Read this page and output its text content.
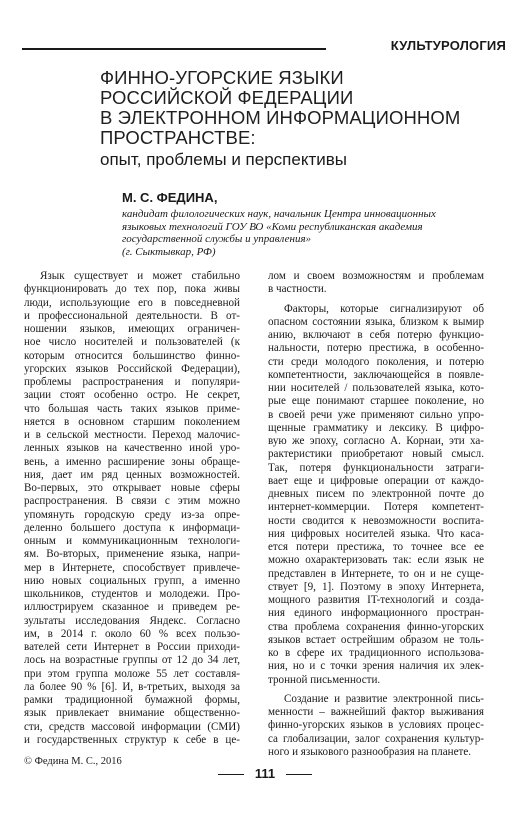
КУЛЬТУРОЛОГИЯ
ФИННО-УГОРСКИЕ ЯЗЫКИ
РОССИЙСКОЙ ФЕДЕРАЦИИ
В ЭЛЕКТРОННОМ ИНФОРМАЦИОННОМ
ПРОСТРАНСТВЕ:
опыт, проблемы и перспективы
М. С. ФЕДИНА,
кандидат филологических наук, начальник Центра инновационных
языковых технологий ГОУ ВО «Коми республиканская академия
государственной службы и управления»
(г. Сыктывкар, РФ)
Язык существует и может стабильно
функционировать до тех пор, пока живы
люди, использующие его в повседневной
и профессиональной деятельности. В от-
ношении языков, имеющих ограничен-
ное число носителей и пользователей (к
которым относится большинство финно-
угорских языков Российской Федерации),
проблемы распространения и популяри-
зации стоят особенно остро. Не секрет,
что большая часть таких языков приме-
няется в основном старшим поколением
и в сельской местности. Переход малочис-
ленных языков на качественно иной уро-
вень, а именно расширение зоны обраще-
ния, дает им ряд ценных возможностей.
Во-первых, это открывает новые сферы
распространения. В связи с этим можно
упомянуть городскую среду из-за опре-
деленно большего доступа к информаци-
онным и коммуникационным технологи-
ям. Во-вторых, применение языка, напри-
мер в Интернете, способствует привлече-
нию новых социальных групп, а именно
школьников, студентов и молодежи. Про-
иллюстрируем сказанное и приведем ре-
зультаты исследования Яндекс. Согласно
им, в 2014 г. около 60 % всех пользо-
вателей сети Интернет в России приходи-
лось на возрастные группы от 12 до 34 лет,
при этом группа моложе 55 лет составля-
ла более 90 % [6]. И, в-третьих, выходя за
рамки традиционной бумажной формы,
язык привлекает внимание общественно-
сти, средств массовой информации (СМИ)
и государственных структур к себе в це-
лом и своем возможностям и проблемам
в частности.
Факторы, которые сигнализируют об
опасном состоянии языка, близком к вымир
анию, включают в себя потерю функцио-
нальности, потерю престижа, в особенно-
сти среди молодого поколения, и потерю
компетентности, заключающейся в появле-
нии носителей / пользователей языка, кото-
рые еще понимают старшее поколение, но
в своей речи уже применяют сильно упро-
щенные грамматику и лексику. В цифро-
вую же эпоху, согласно А. Корнаи, эти ха-
рактеристики приобретают новый смысл.
Так, потеря функциональности затраги-
вает еще и цифровые операции от каждо-
дневных писем по электронной почте до
интернет-коммерции. Потеря компетент-
ности сводится к невозможности воспита-
ния цифровых носителей языка. Что каса-
ется потери престижа, то точнее все ее
можно охарактеризовать так: если язык не
представлен в Интернете, то он и не суще-
ствует [9, 1]. Поэтому в эпоху Интернета,
мощного развития IT-технологий и созда-
ния единого информационного простран-
ства проблема сохранения финно-угорских
языков встает острейшим образом не толь-
ко в сфере их традиционного использова-
ния, но и с точки зрения наличия их элек-
тронной письменности.
Создание и развитие электронной пись-
менности – важнейший фактор выживания
финно-угорских языков в условиях процес-
са глобализации, залог сохранения культур-
ного и языкового разнообразия на планете.
© Федина М. С., 2016
111
